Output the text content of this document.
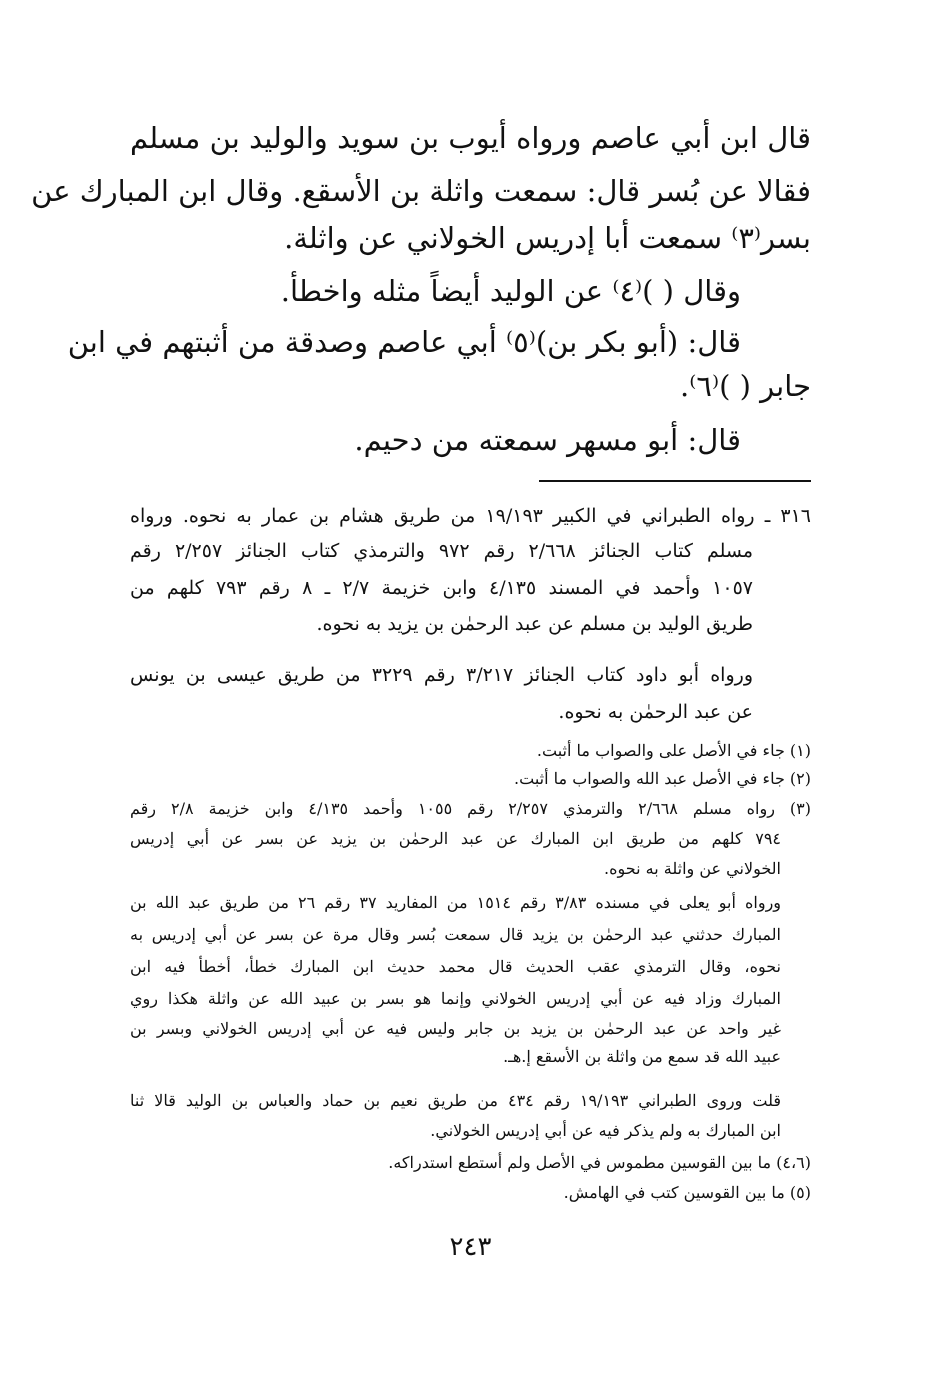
قال ابن أبي عاصم ورواه أيوب بن سويد والوليد بن مسلم

فقالا عن بُسر قال: سمعت واثلة بن الأسقع. وقال ابن المبارك عن

بسر⁽٣⁾ سمعت أبا إدريس الخولاني عن واثلة.

وقال ( )⁽٤⁾ عن الوليد أيضاً مثله واخطأ.

قال: (أبو بكر بن)⁽٥⁾ أبي عاصم وصدقة من أثبتهم في ابن

جابر ( )⁽٦⁾.

قال: أبو مسهر سمعته من دحيم.

٣١٦ ـ رواه الطبراني في الكبير ١٩/١٩٣ من طريق هشام بن عمار به نحوه. ورواه

مسلم كتاب الجنائز ٢/٦٦٨ رقم ٩٧٢ والترمذي كتاب الجنائز ٢/٢٥٧ رقم

١٠٥٧ وأحمد في المسند ٤/١٣٥ وابن خزيمة ٢/٧ ـ ٨ رقم ٧٩٣ كلهم من

طريق الوليد بن مسلم عن عبد الرحمٰن بن يزيد به نحوه.

ورواه أبو داود كتاب الجنائز ٣/٢١٧ رقم ٣٢٢٩ من طريق عيسى بن يونس

عن عبد الرحمٰن به نحوه.

(١) جاء في الأصل على والصواب ما أثبت.

(٢) جاء في الأصل عبد الله والصواب ما أثبت.

(٣) رواه مسلم ٢/٦٦٨ والترمذي ٢/٢٥٧ رقم ١٠٥٥ وأحمد ٤/١٣٥ وابن خزيمة ٢/٨ رقم

٧٩٤ كلهم من طريق ابن المبارك عن عبد الرحمٰن بن يزيد عن بسر عن أبي إدريس

الخولاني عن واثلة به نحوه.

ورواه أبو يعلى في مسنده ٣/٨٣ رقم ١٥١٤ من المفاريد ٣٧ رقم ٢٦ من طريق عبد الله بن

المبارك حدثني عبد الرحمٰن بن يزيد قال سمعت بُسر وقال مرة عن بسر عن أبي إدريس به

نحوه، وقال الترمذي عقب الحديث قال محمد حديث ابن المبارك خطأ، أخطأ فيه ابن

المبارك وزاد فيه عن أبي إدريس الخولاني وإنما هو بسر بن عبيد الله عن واثلة هكذا روي

غير واحد عن عبد الرحمٰن بن يزيد بن جابر وليس فيه عن أبي إدريس الخولاني وبسر بن

عبيد الله قد سمع من واثلة بن الأسقع إ.هـ.

قلت وروى الطبراني ١٩/١٩٣ رقم ٤٣٤ من طريق نعيم بن حماد والعباس بن الوليد قالا ثنا

ابن المبارك به ولم يذكر فيه عن أبي إدريس الخولاني.

(٤،٦) ما بين القوسين مطموس في الأصل ولم أستطع استدراكه.

(٥) ما بين القوسين كتب في الهامش.

٢٤٣
